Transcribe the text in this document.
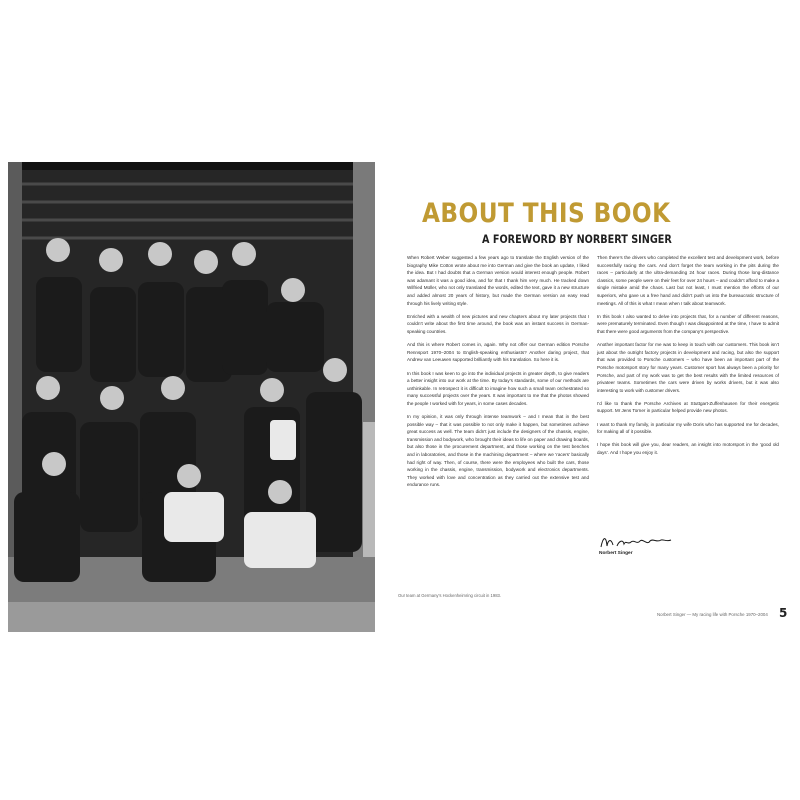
Our team at Germany’s Hockenheimring circuit in 1983.
ABOUT THIS BOOK
A FOREWORD BY NORBERT SINGER

When Robert Weber suggested a few years ago to translate the English version of the biography Mike Cotton wrote about me into German and give the book an update, I liked the idea. But I had doubts that a German version would interest enough people. Robert was adamant it was a good idea, and for that I thank him very much. He tracked down Wilfried Müller, who not only translated the words, edited the text, gave it a new structure and added almost 20 years of history, but made the German version an easy read through his lively writing style.

Enriched with a wealth of new pictures and new chapters about my later projects that I couldn’t write about the first time around, the book was an instant success in German-speaking countries.

And this is where Robert comes in, again. Why not offer our German edition Porsche Rennsport 1970–2004 to English-speaking enthusiasts? Another daring project, that Andrew van Leeuwen supported brilliantly with his translation. So here it is.

In this book I was keen to go into the individual projects in greater depth, to give readers a better insight into our work at the time. By today’s standards, some of our methods are unthinkable. In retrospect it is difficult to imagine how such a small team orchestrated so many successful projects over the years. It was important to me that the photos showed the people I worked with for years, in some cases decades.

In my opinion, it was only through intense teamwork – and I mean that in the best possible way – that it was possible to not only make it happen, but sometimes achieve great success as well. The team didn’t just include the designers of the chassis, engine, transmission and bodywork, who brought their ideas to life on paper and drawing boards, but also those in the procurement department, and those working on the test benches and in laboratories, and those in the machining department – where we ‘racers’ basically had right of way. Then, of course, there were the employees who built the cars, those working in the chassis, engine, transmission, bodywork and electronics departments. They worked with love and concentration as they carried out the extensive test and endurance runs.

Then there’s the drivers who completed the excellent test and development work, before successfully racing the cars. And don’t forget the team working in the pits during the races – particularly at the ultra-demanding 24 hour races. During those long-distance classics, some people were on their feet for over 24 hours – and couldn’t afford to make a single mistake amid the chaos. Last but not least, I must mention the efforts of our superiors, who gave us a free hand and didn’t push us into the bureaucratic structure of meetings. All of this is what I mean when I talk about teamwork.

In this book I also wanted to delve into projects that, for a number of different reasons, were prematurely terminated. Even though I was disappointed at the time, I have to admit that there were good arguments from the company’s perspective.

Another important factor for me was to keep in touch with our customers. This book isn’t just about the outright factory projects in development and racing, but also the support that was provided to Porsche customers – who have been an important part of the Porsche motorsport story for many years. Customer sport has always been a priority for Porsche, and part of my work was to get the best results with the limited resources of privateer teams. Sometimes the cars were driven by works drivers, but it was also interesting to work with customer drivers.

I’d like to thank the Porsche Archives at Stuttgart-Zuffenhausen for their energetic support. Mr Jens Torner in particular helped provide new photos.

I want to thank my family, in particular my wife Doris who has supported me for decades, for making all of it possible.

I hope this book will give you, dear readers, an insight into motorsport in the ‘good old days’. And I hope you enjoy it.

Norbert Singer
Norbert Singer — My racing life with Porsche 1970–2004 5
